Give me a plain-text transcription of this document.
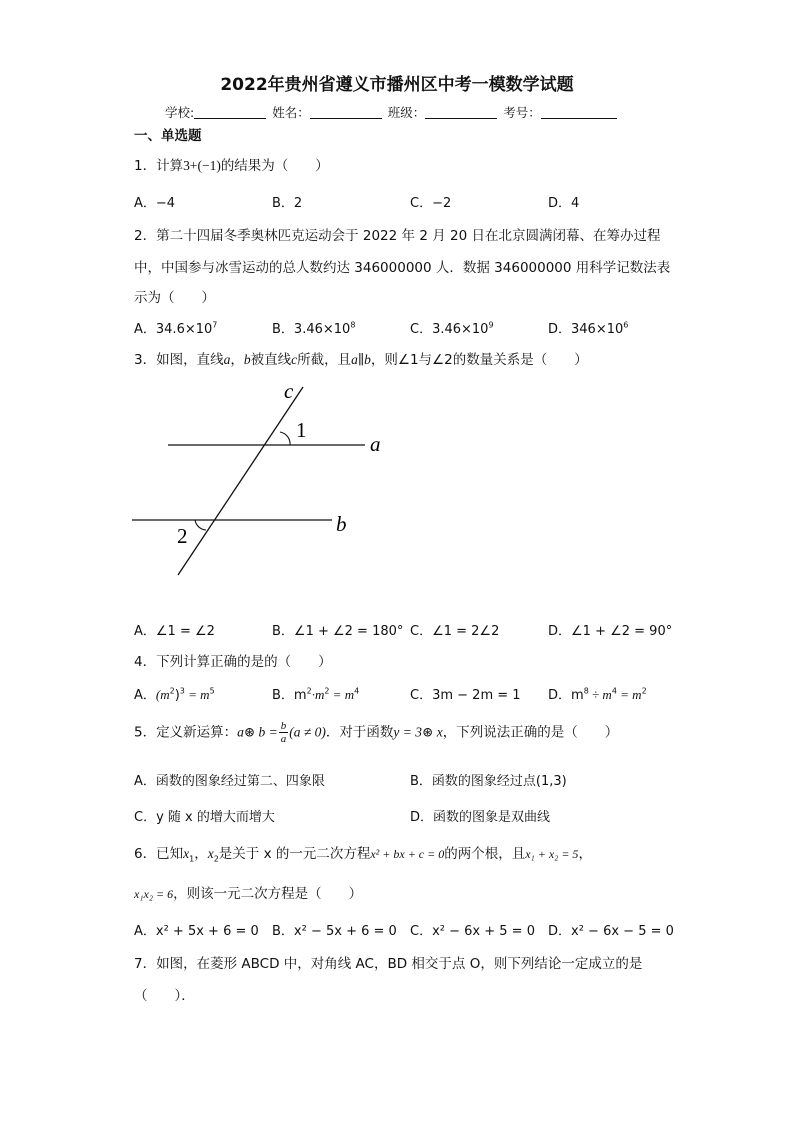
2022年贵州省遵义市播州区中考一模数学试题
学校:	姓名：	班级：	考号：
一、单选题
1．计算3+(−1)的结果为（　　）
A．−4	B．2	C．−2	D．4
2．第二十四届冬季奥林匹克运动会于 2022 年 2 月 20 日在北京圆满闭幕、在筹办过程
中，中国参与冰雪运动的总人数约达 346000000 人．数据 346000000 用科学记数法表
示为（　　）
A．$34.6\times 10^7$	B．$3.46\times 10^8$	C．$3.46\times 10^9$	D．$346\times 10^6$
3．如图，直线a，b被直线c所截，且a∥b，则∠1与∠2的数量关系是（　　）
c
1
a
2	b
A．∠1 = ∠2	B．∠1 + ∠2 = 180° C．∠1 = 2∠2	D．∠1 + ∠2 = 90°
4．下列计算正确的是的（　　）
A．$(m^2)^3 = m^5$	B．$m^2\cdot m^2 = m^4$	C．3m − 2m = 1 D．$m^8 \div m^4 = m^2$
5．定义新运算：a⊛ $b = \frac{b}{a} (a \ne 0)$．对于函数y = 3⊛ x，下列说法正确的是（　　）
A．函数的图象经过第二、四象限	B．函数的图象经过点(1,3)
C．y 随 x 的增大而增大	D．函数的图象是双曲线
6．已知$x_1$，$x_2$是关于 x 的一元二次方程x² + bx + c = 0的两个根，且x₁ + x₂ = 5，
x₁x₂ = 6，则该一元二次方程是（　　）
A．x² + 5x + 6 = 0 B．x² − 5x + 6 = 0 C．x² − 6x + 5 = 0 D．x² − 6x − 5 = 0
7．如图，在菱形 ABCD 中，对角线 AC，BD 相交于点 O，则下列结论一定成立的是
（　　）．
